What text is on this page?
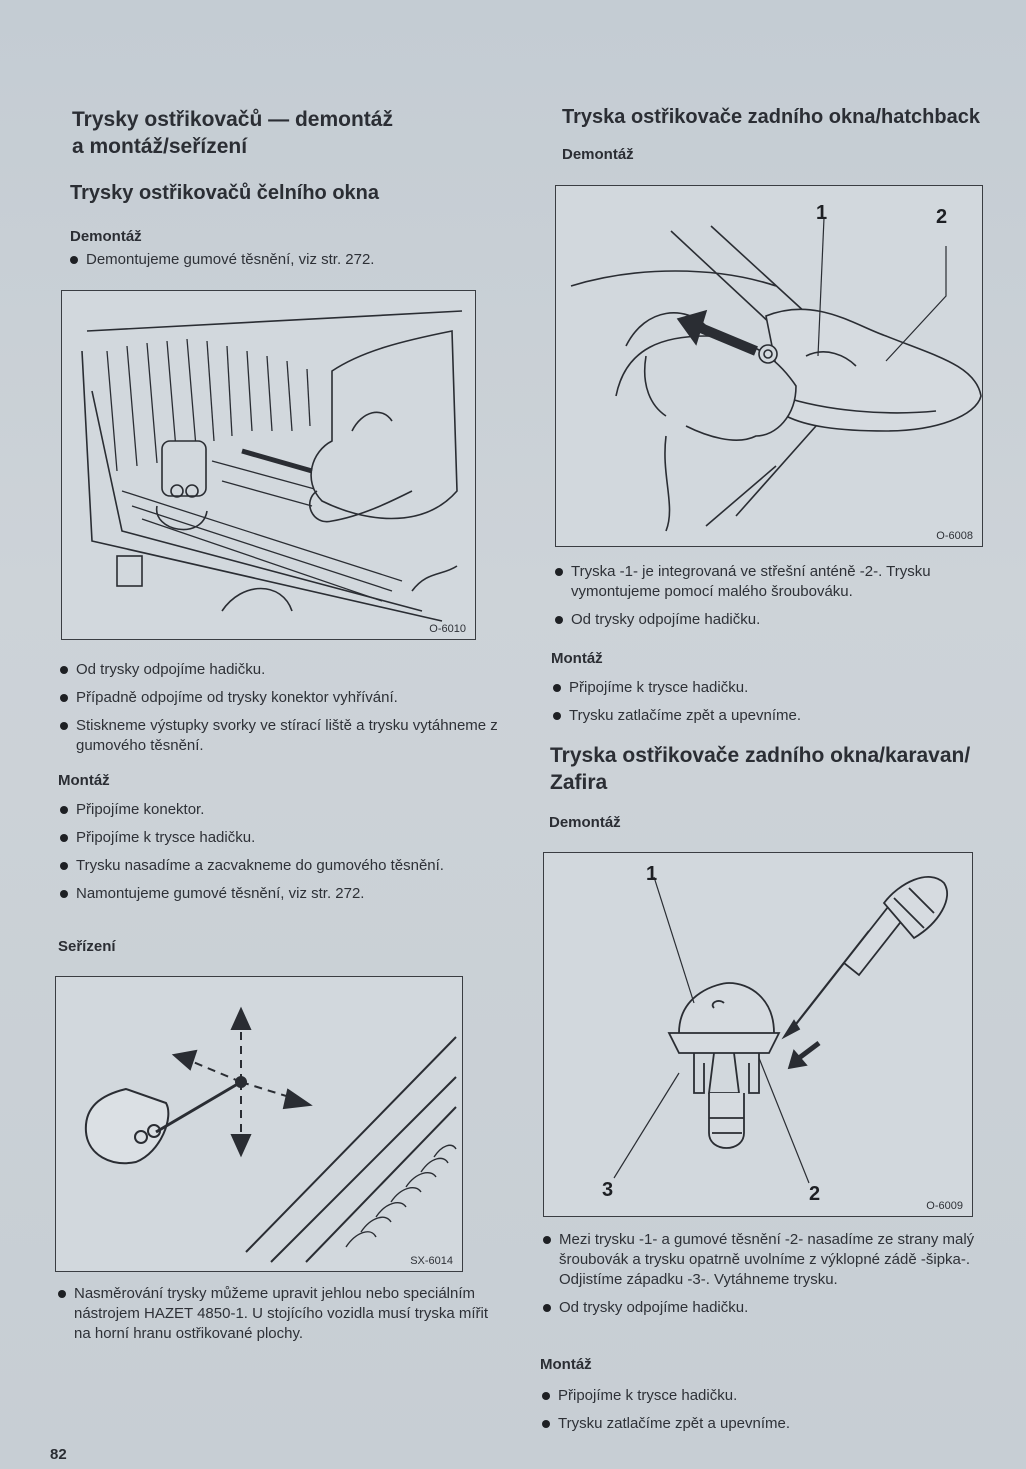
Trysky ostřikovačů — demontáž
a montáž/seřízení
Trysky ostřikovačů čelního okna
Demontáž
Demontujeme gumové těsnění, viz str. 272.
O-6010
Od trysky odpojíme hadičku.
Případně odpojíme od trysky konektor vyhřívání.
Stiskneme výstupky svorky ve stírací liště a trysku vytáhneme z gumového těsnění.
Montáž
Připojíme konektor.
Připojíme k trysce hadičku.
Trysku nasadíme a zacvakneme do gumového těsnění.
Namontujeme gumové těsnění, viz str. 272.
Seřízení
SX-6014
Nasměrování trysky můžeme upravit jehlou nebo speciálním nástrojem HAZET 4850-1. U stojícího vozidla musí tryska mířit na horní hranu ostřikované plochy.
Tryska ostřikovače zadního okna/hatchback
Demontáž
1	2
O-6008
Tryska -1- je integrovaná ve střešní anténě -2-. Trysku vymontujeme pomocí malého šroubováku.
Od trysky odpojíme hadičku.
Montáž
Připojíme k trysce hadičku.
Trysku zatlačíme zpět a upevníme.
Tryska ostřikovače zadního okna/karavan/
Zafira
Demontáž
1
2
3
O-6009
Mezi trysku -1- a gumové těsnění -2- nasadíme ze strany malý šroubovák a trysku opatrně uvolníme z výklopné zádě -šipka-. Odjistíme západku -3-. Vytáhneme trysku.
Od trysky odpojíme hadičku.
Montáž
Připojíme k trysce hadičku.
Trysku zatlačíme zpět a upevníme.
82
